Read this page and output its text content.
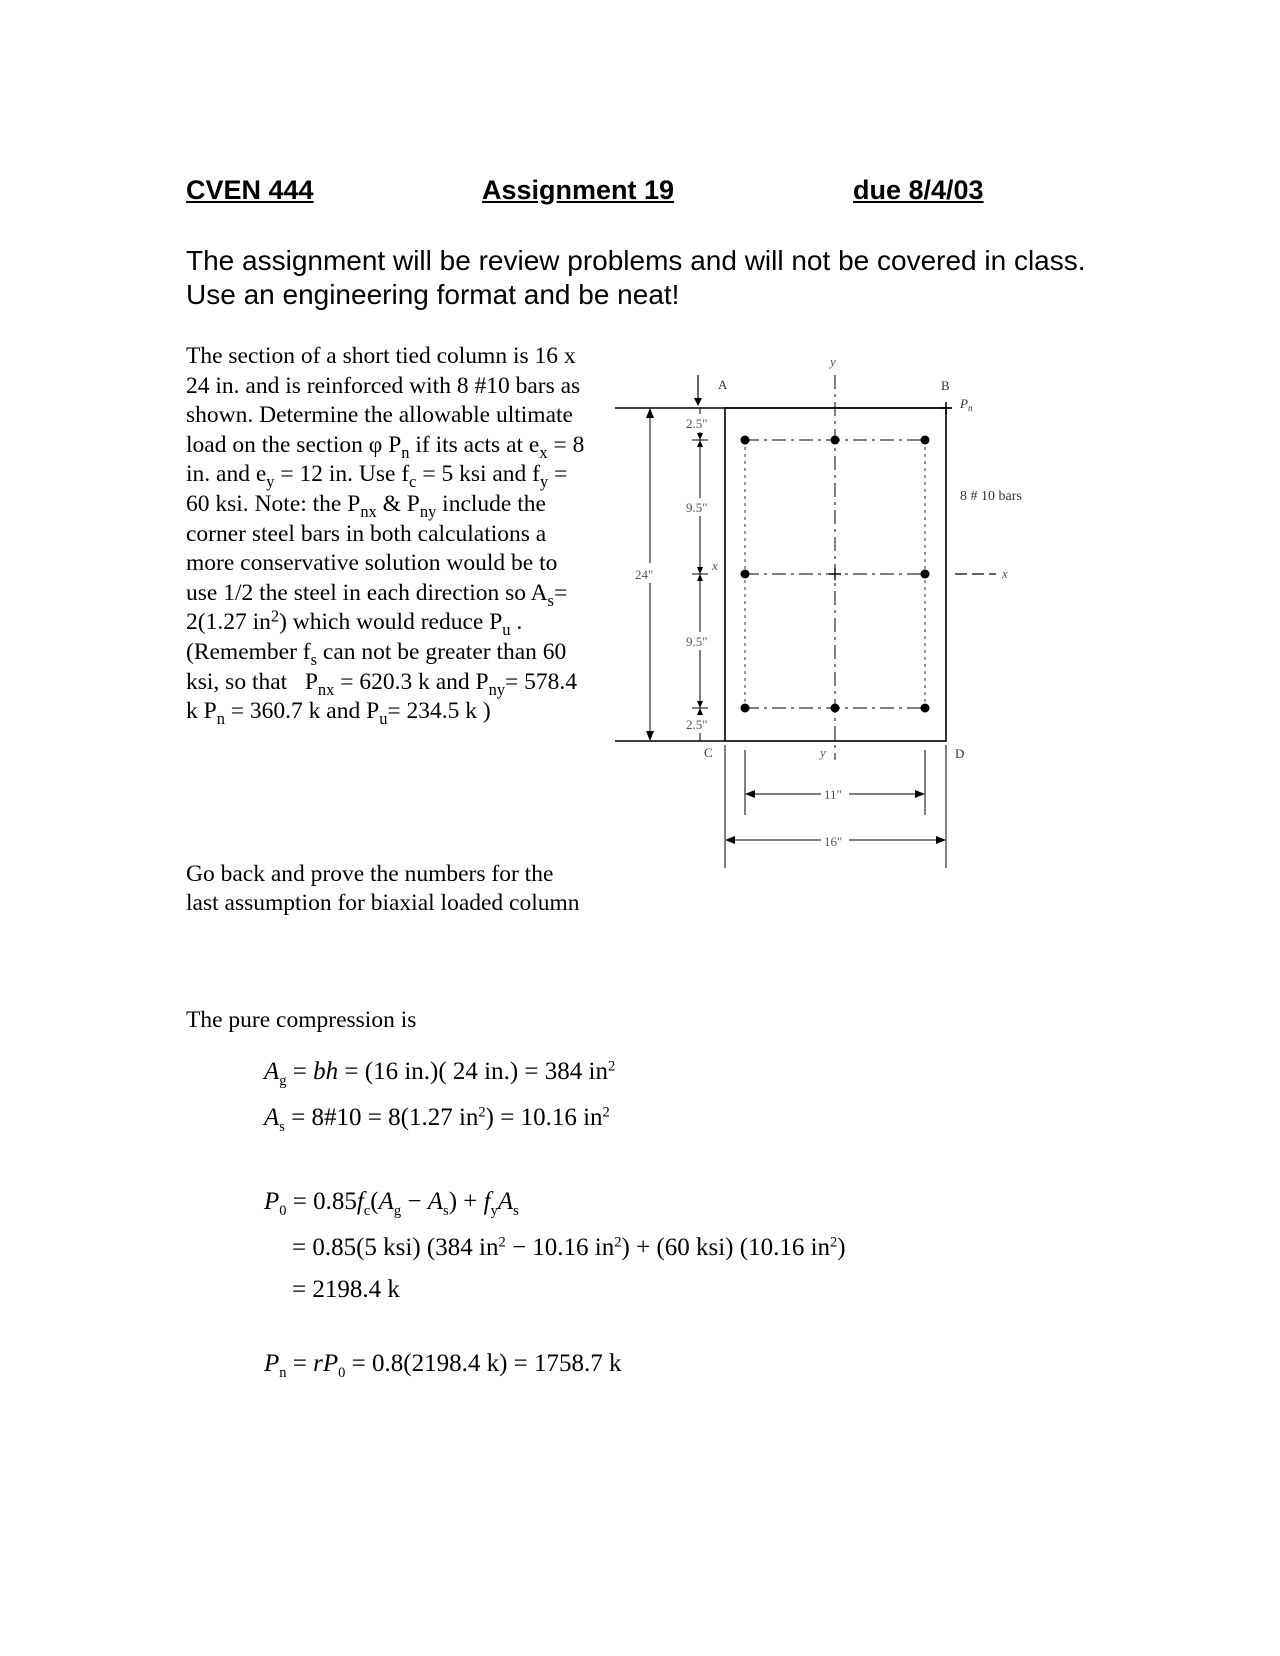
CVEN 444	Assignment 19	due 8/4/03
The assignment will be review problems and will not be covered in class. Use an engineering format and be neat!
The section of a short tied column is 16 x 24 in. and is reinforced with 8 #10 bars as shown. Determine the allowable ultimate load on the section φ $P_n$ if its acts at $e_x = 8$ in. and $e_y = 12$ in. Use $f_c = 5$ ksi and $f_y = 60$ ksi. Note: the $P_{nx}$ & $P_{ny}$ include the corner steel bars in both calculations a more conservative solution would be to use 1/2 the steel in each direction so $A_s= 2(1.27$ $in^2$) which would reduce $P_u$ . (Remember $f_s$ can not be greater than 60 ksi, so that $P_{nx} = 620.3$ k and $P_{ny}= 578.4$ k $P_n = 360.7$ k and $P_u= 234.5$ k )
24"
2.5"
9.5"
9.5"
2.5"
x
11"
16"
A	B
C	D
y
y
x
$P_n$
8 # 10 bars
Go back and prove the numbers for the last assumption for biaxial loaded column
The pure compression is
$A_g$ = bh = (16 in.)( 24 in.) = 384 $in^2$
$A_s$ = 8#10 = 8(1.27 $in^2) = 10.16$ $in^2$
$P_0 = 0.85f_c(A_g - A_s) + f_yA_s$
= 0.85(5 ksi) (384 $in^2 - 10.16$ $in^2) + (60$ ksi) (10.16 $in^2$)
= 2198.4 k
$P_n = rP_0 = 0.8(2198.4$ k) = 1758.7 k
